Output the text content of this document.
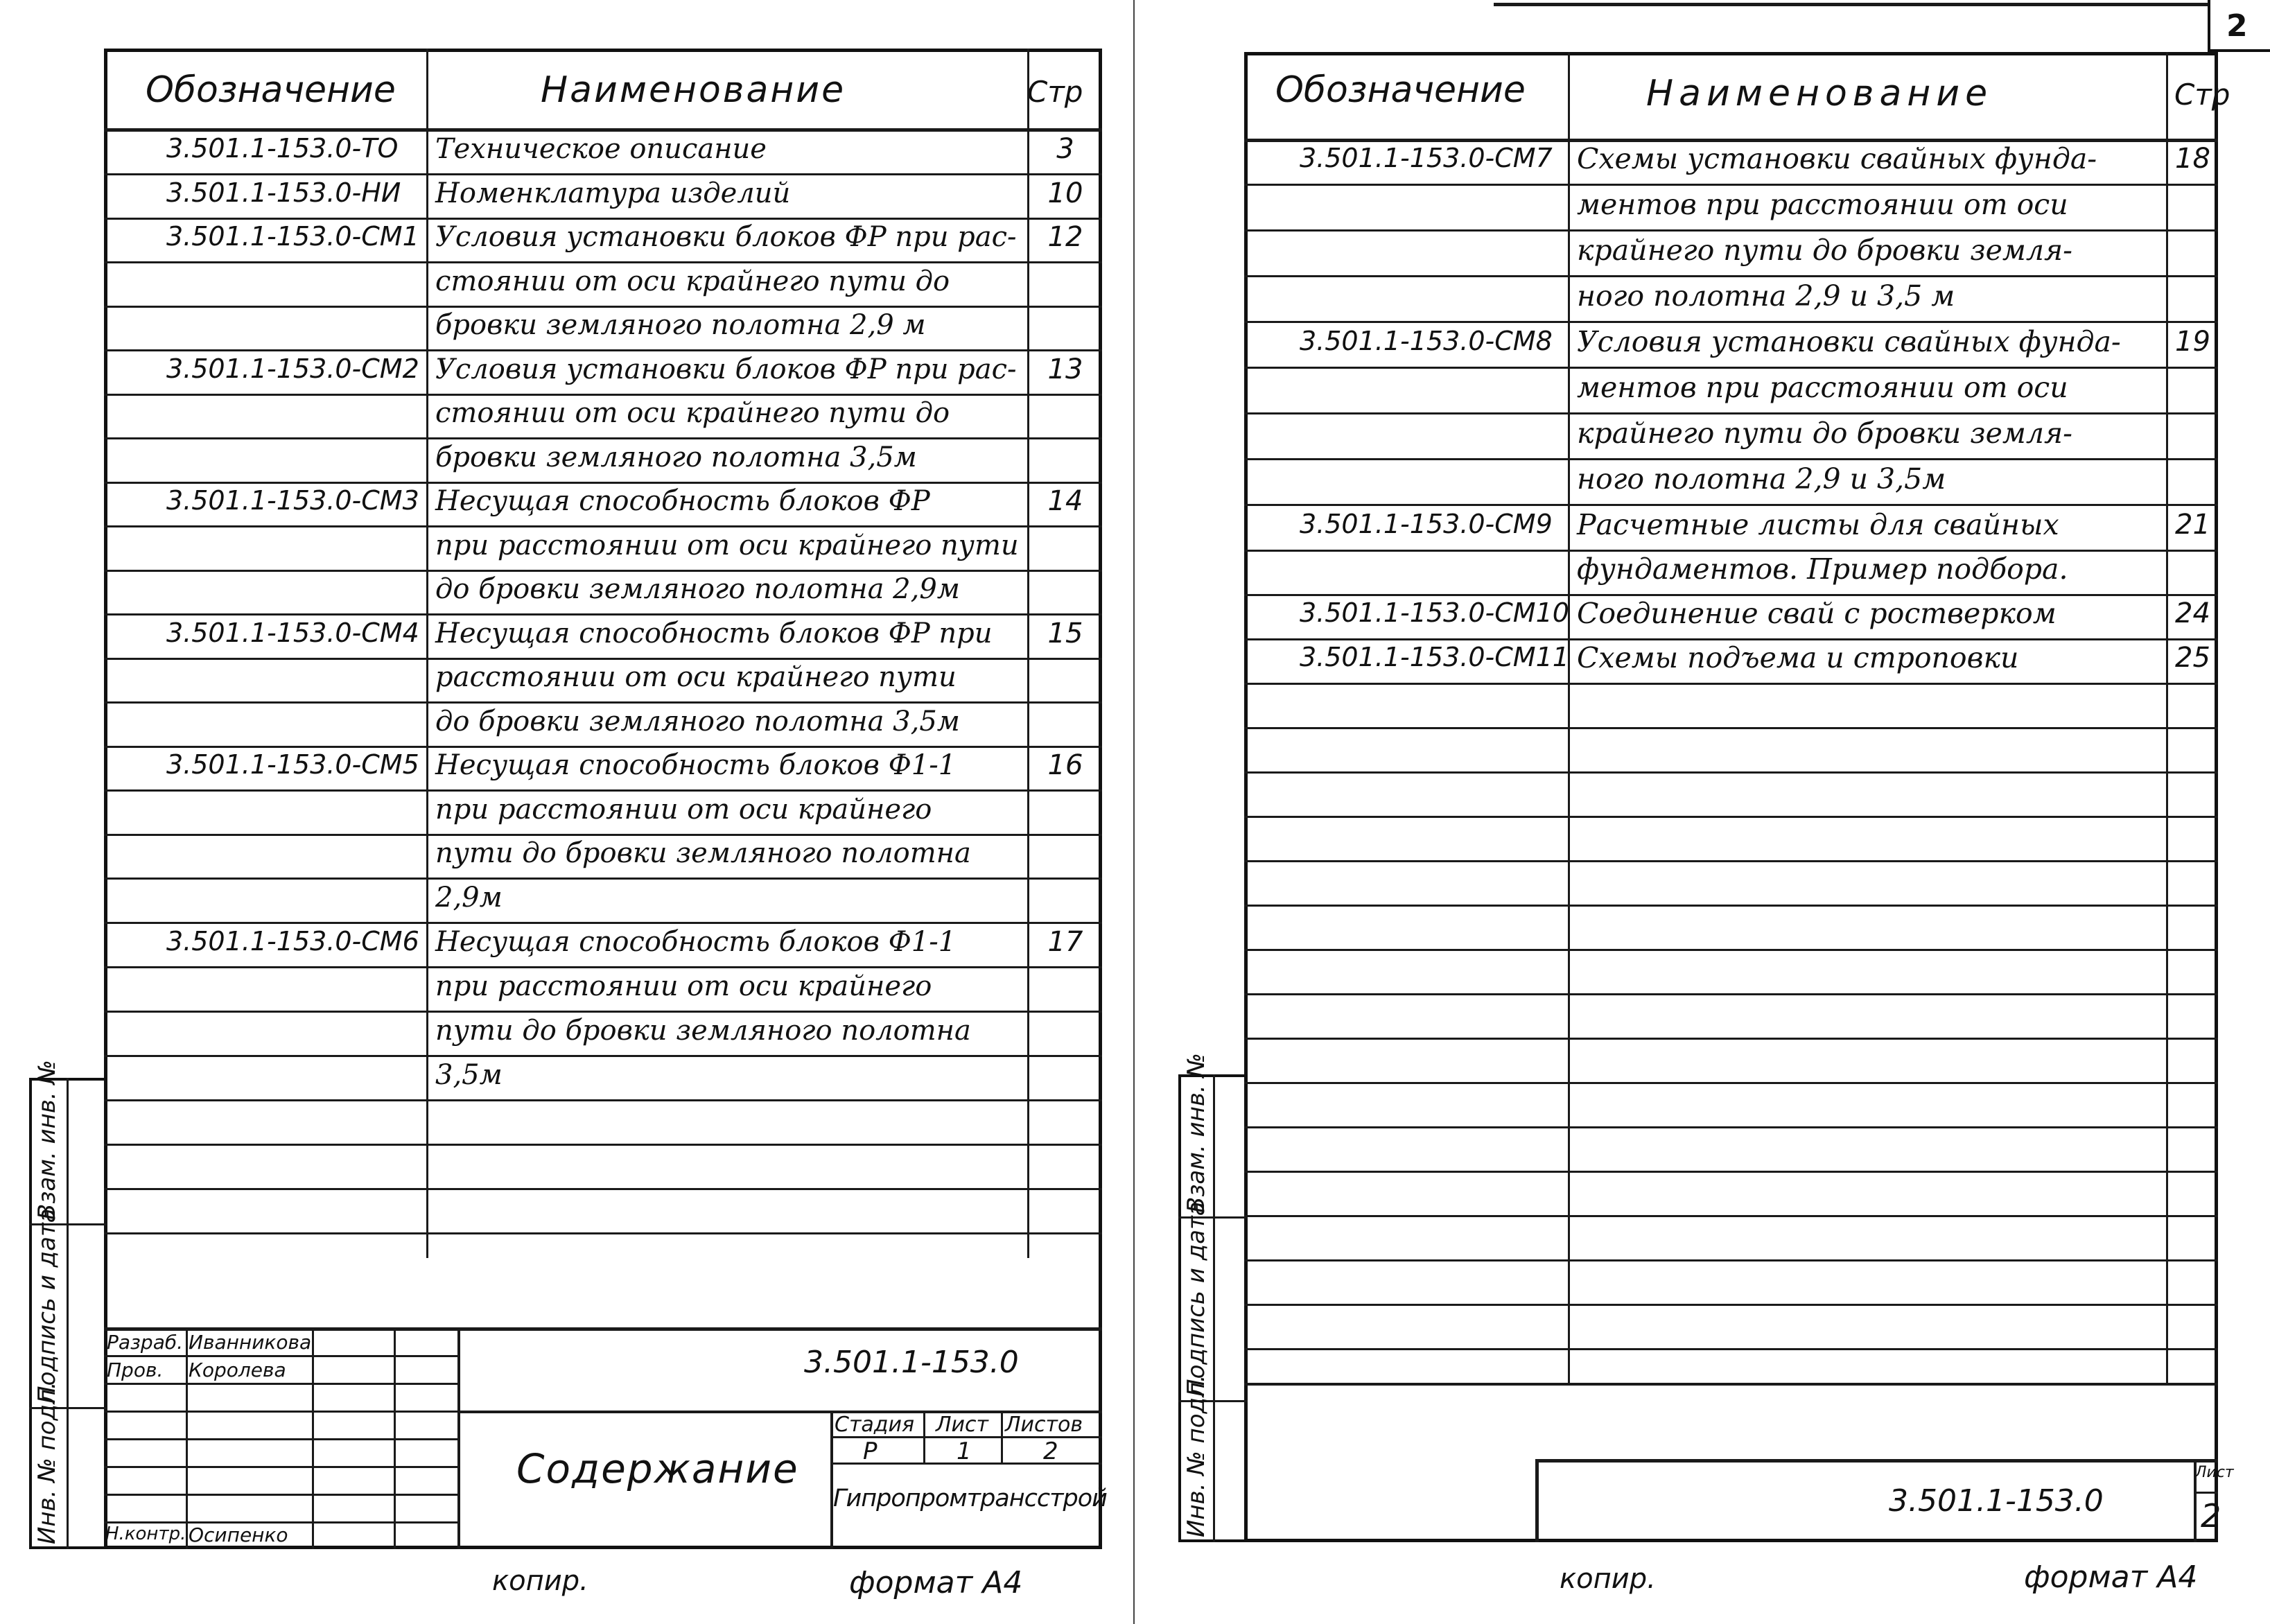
Взам. инв. №
Подпись и дата
Инв. № подл.
Обозначение	Наименование	Стр
3.501.1-153.0-ТО Техническое описание	3
3.501.1-153.0-НИ Номенклатура изделий	10
3.501.1-153.0-СМ1 Условия установки блоков ФР при рас-	12
стоянии от оси крайнего пути до
бровки земляного полотна 2,9 м
3.501.1-153.0-СМ2 Условия установки блоков ФР при рас-	13
стоянии от оси крайнего пути до
бровки земляного полотна 3,5м
3.501.1-153.0-СМ3 Несущая способность блоков ФР	14
при расстоянии от оси крайнего пути
до бровки земляного полотна 2,9м
3.501.1-153.0-СМ4 Несущая способность блоков ФР при	15
расстоянии от оси крайнего пути
до бровки земляного полотна 3,5м
3.501.1-153.0-СМ5 Несущая способность блоков Ф1-1	16
при расстоянии от оси крайнего
пути до бровки земляного полотна
2,9м
3.501.1-153.0-СМ6 Несущая способность блоков Ф1-1	17
при расстоянии от оси крайнего
пути до бровки земляного полотна
3,5м
Разраб. Иванникова
Пров. Королева
Н.контр. Осипенко
3.501.1-153.0
Содержание
Стадия Лист Листов
Р	1	2
Гипропромтрансстрой
копир.	формат А4
2
Взам. инв. №
Подпись и дата
Инв. № подл.
Обозначение	Наименование	Стр
3.501.1-153.0-СМ7 Схемы установки свайных фунда-	18
ментов при расстоянии от оси
крайнего пути до бровки земля-
ного полотна 2,9 и 3,5 м
3.501.1-153.0-СМ8 Условия установки свайных фунда- 19
ментов при расстоянии от оси
крайнего пути до бровки земля-
ного полотна 2,9 и 3,5м
3.501.1-153.0-СМ9 Расчетные листы для свайных	21
фундаментов. Пример подбора.
3.501.1-153.0-СМ10 Соединение свай с ростверком	24
3.501.1-153.0-СМ11 Схемы подъема и строповки	25
3.501.1-153.0
Лист
2
копир.	формат А4
